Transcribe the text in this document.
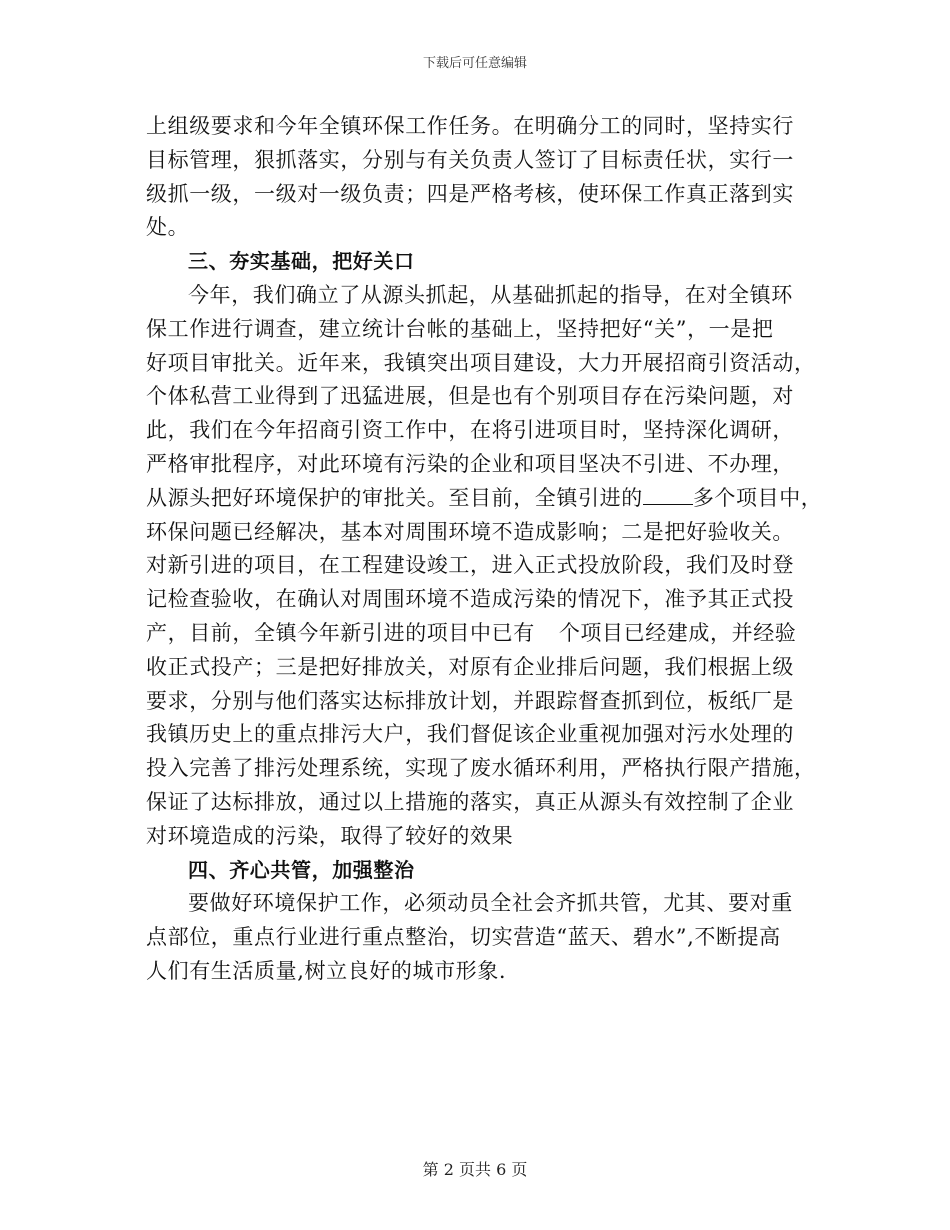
下载后可任意编辑
上组级要求和今年全镇环保工作任务。在明确分工的同时，坚持实行
目标管理，狠抓落实，分别与有关负责人签订了目标责任状，实行一
级抓一级，一级对一级负责；四是严格考核，使环保工作真正落到实
处。
三、夯实基础，把好关口
今年，我们确立了从源头抓起，从基础抓起的指导，在对全镇环
保工作进行调查，建立统计台帐的基础上，坚持把好“关”，一是把
好项目审批关。近年来，我镇突出项目建设，大力开展招商引资活动，
个体私营工业得到了迅猛进展，但是也有个别项目存在污染问题，对
此，我们在今年招商引资工作中，在将引进项目时，坚持深化调研，
严格审批程序，对此环境有污染的企业和项目坚决不引进、不办理，
从源头把好环境保护的审批关。至目前，全镇引进的 多个项目中，
环保问题已经解决，基本对周围环境不造成影响；二是把好验收关。
对新引进的项目，在工程建设竣工，进入正式投放阶段，我们及时登
记检查验收，在确认对周围环境不造成污染的情况下，准予其正式投
产，目前，全镇今年新引进的项目中已有 个项目已经建成，并经验
收正式投产；三是把好排放关，对原有企业排后问题，我们根据上级
要求，分别与他们落实达标排放计划，并跟踪督查抓到位，板纸厂是
我镇历史上的重点排污大户，我们督促该企业重视加强对污水处理的
投入完善了排污处理系统，实现了废水循环利用，严格执行限产措施，
保证了达标排放，通过以上措施的落实，真正从源头有效控制了企业
对环境造成的污染，取得了较好的效果
四、齐心共管，加强整治
要做好环境保护工作，必须动员全社会齐抓共管，尤其、要对重
点部位，重点行业进行重点整治，切实营造“蓝天、碧水”,不断提高
人们有生活质量,树立良好的城市形象.
第 2 页共 6 页
